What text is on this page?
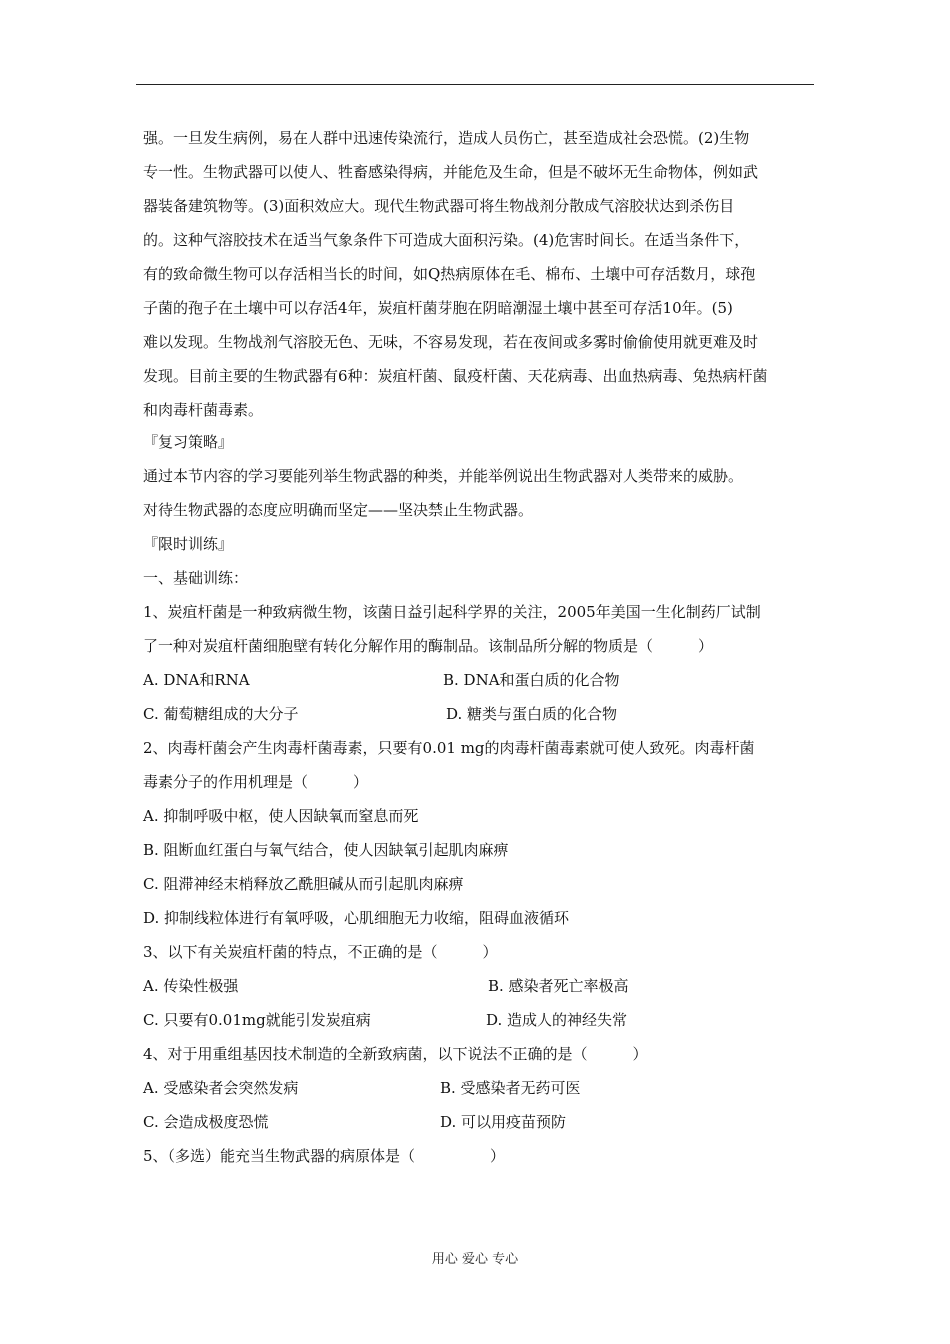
强。一旦发生病例，易在人群中迅速传染流行，造成人员伤亡，甚至造成社会恐慌。(2)生物
专一性。生物武器可以使人、牲畜感染得病，并能危及生命，但是不破坏无生命物体，例如武
器装备建筑物等。(3)面积效应大。现代生物武器可将生物战剂分散成气溶胶状达到杀伤目
的。这种气溶胶技术在适当气象条件下可造成大面积污染。(4)危害时间长。在适当条件下，
有的致命微生物可以存活相当长的时间，如Q热病原体在毛、棉布、土壤中可存活数月，球孢
子菌的孢子在土壤中可以存活4年，炭疽杆菌芽胞在阴暗潮湿土壤中甚至可存活10年。(5)
难以发现。生物战剂气溶胶无色、无味，不容易发现，若在夜间或多雾时偷偷使用就更难及时
发现。目前主要的生物武器有6种：炭疽杆菌、鼠疫杆菌、天花病毒、出血热病毒、兔热病杆菌
和肉毒杆菌毒素。
『复习策略』
通过本节内容的学习要能列举生物武器的种类，并能举例说出生物武器对人类带来的威胁。
对待生物武器的态度应明确而坚定——坚决禁止生物武器。
『限时训练』
一、基础训练：
1、炭疽杆菌是一种致病微生物，该菌日益引起科学界的关注，2005年美国一生化制药厂试制
了一种对炭疽杆菌细胞壁有转化分解作用的酶制品。该制品所分解的物质是（　　　）
A. DNA和RNA	B. DNA和蛋白质的化合物
C. 葡萄糖组成的大分子	D. 糖类与蛋白质的化合物
2、肉毒杆菌会产生肉毒杆菌毒素，只要有0.01 mg的肉毒杆菌毒素就可使人致死。肉毒杆菌
毒素分子的作用机理是（　　　）
A. 抑制呼吸中枢，使人因缺氧而窒息而死
B. 阻断血红蛋白与氧气结合，使人因缺氧引起肌肉麻痹
C. 阻滞神经末梢释放乙酰胆碱从而引起肌肉麻痹
D. 抑制线粒体进行有氧呼吸，心肌细胞无力收缩，阻碍血液循环
3、以下有关炭疽杆菌的特点，不正确的是（　　　）
A. 传染性极强	B. 感染者死亡率极高
C. 只要有0.01mg就能引发炭疽病	D. 造成人的神经失常
4、对于用重组基因技术制造的全新致病菌，以下说法不正确的是（　　　）
A. 受感染者会突然发病	B. 受感染者无药可医
C. 会造成极度恐慌	D. 可以用疫苗预防
5、（多选）能充当生物武器的病原体是（　　　　　）
用心 爱心 专心
